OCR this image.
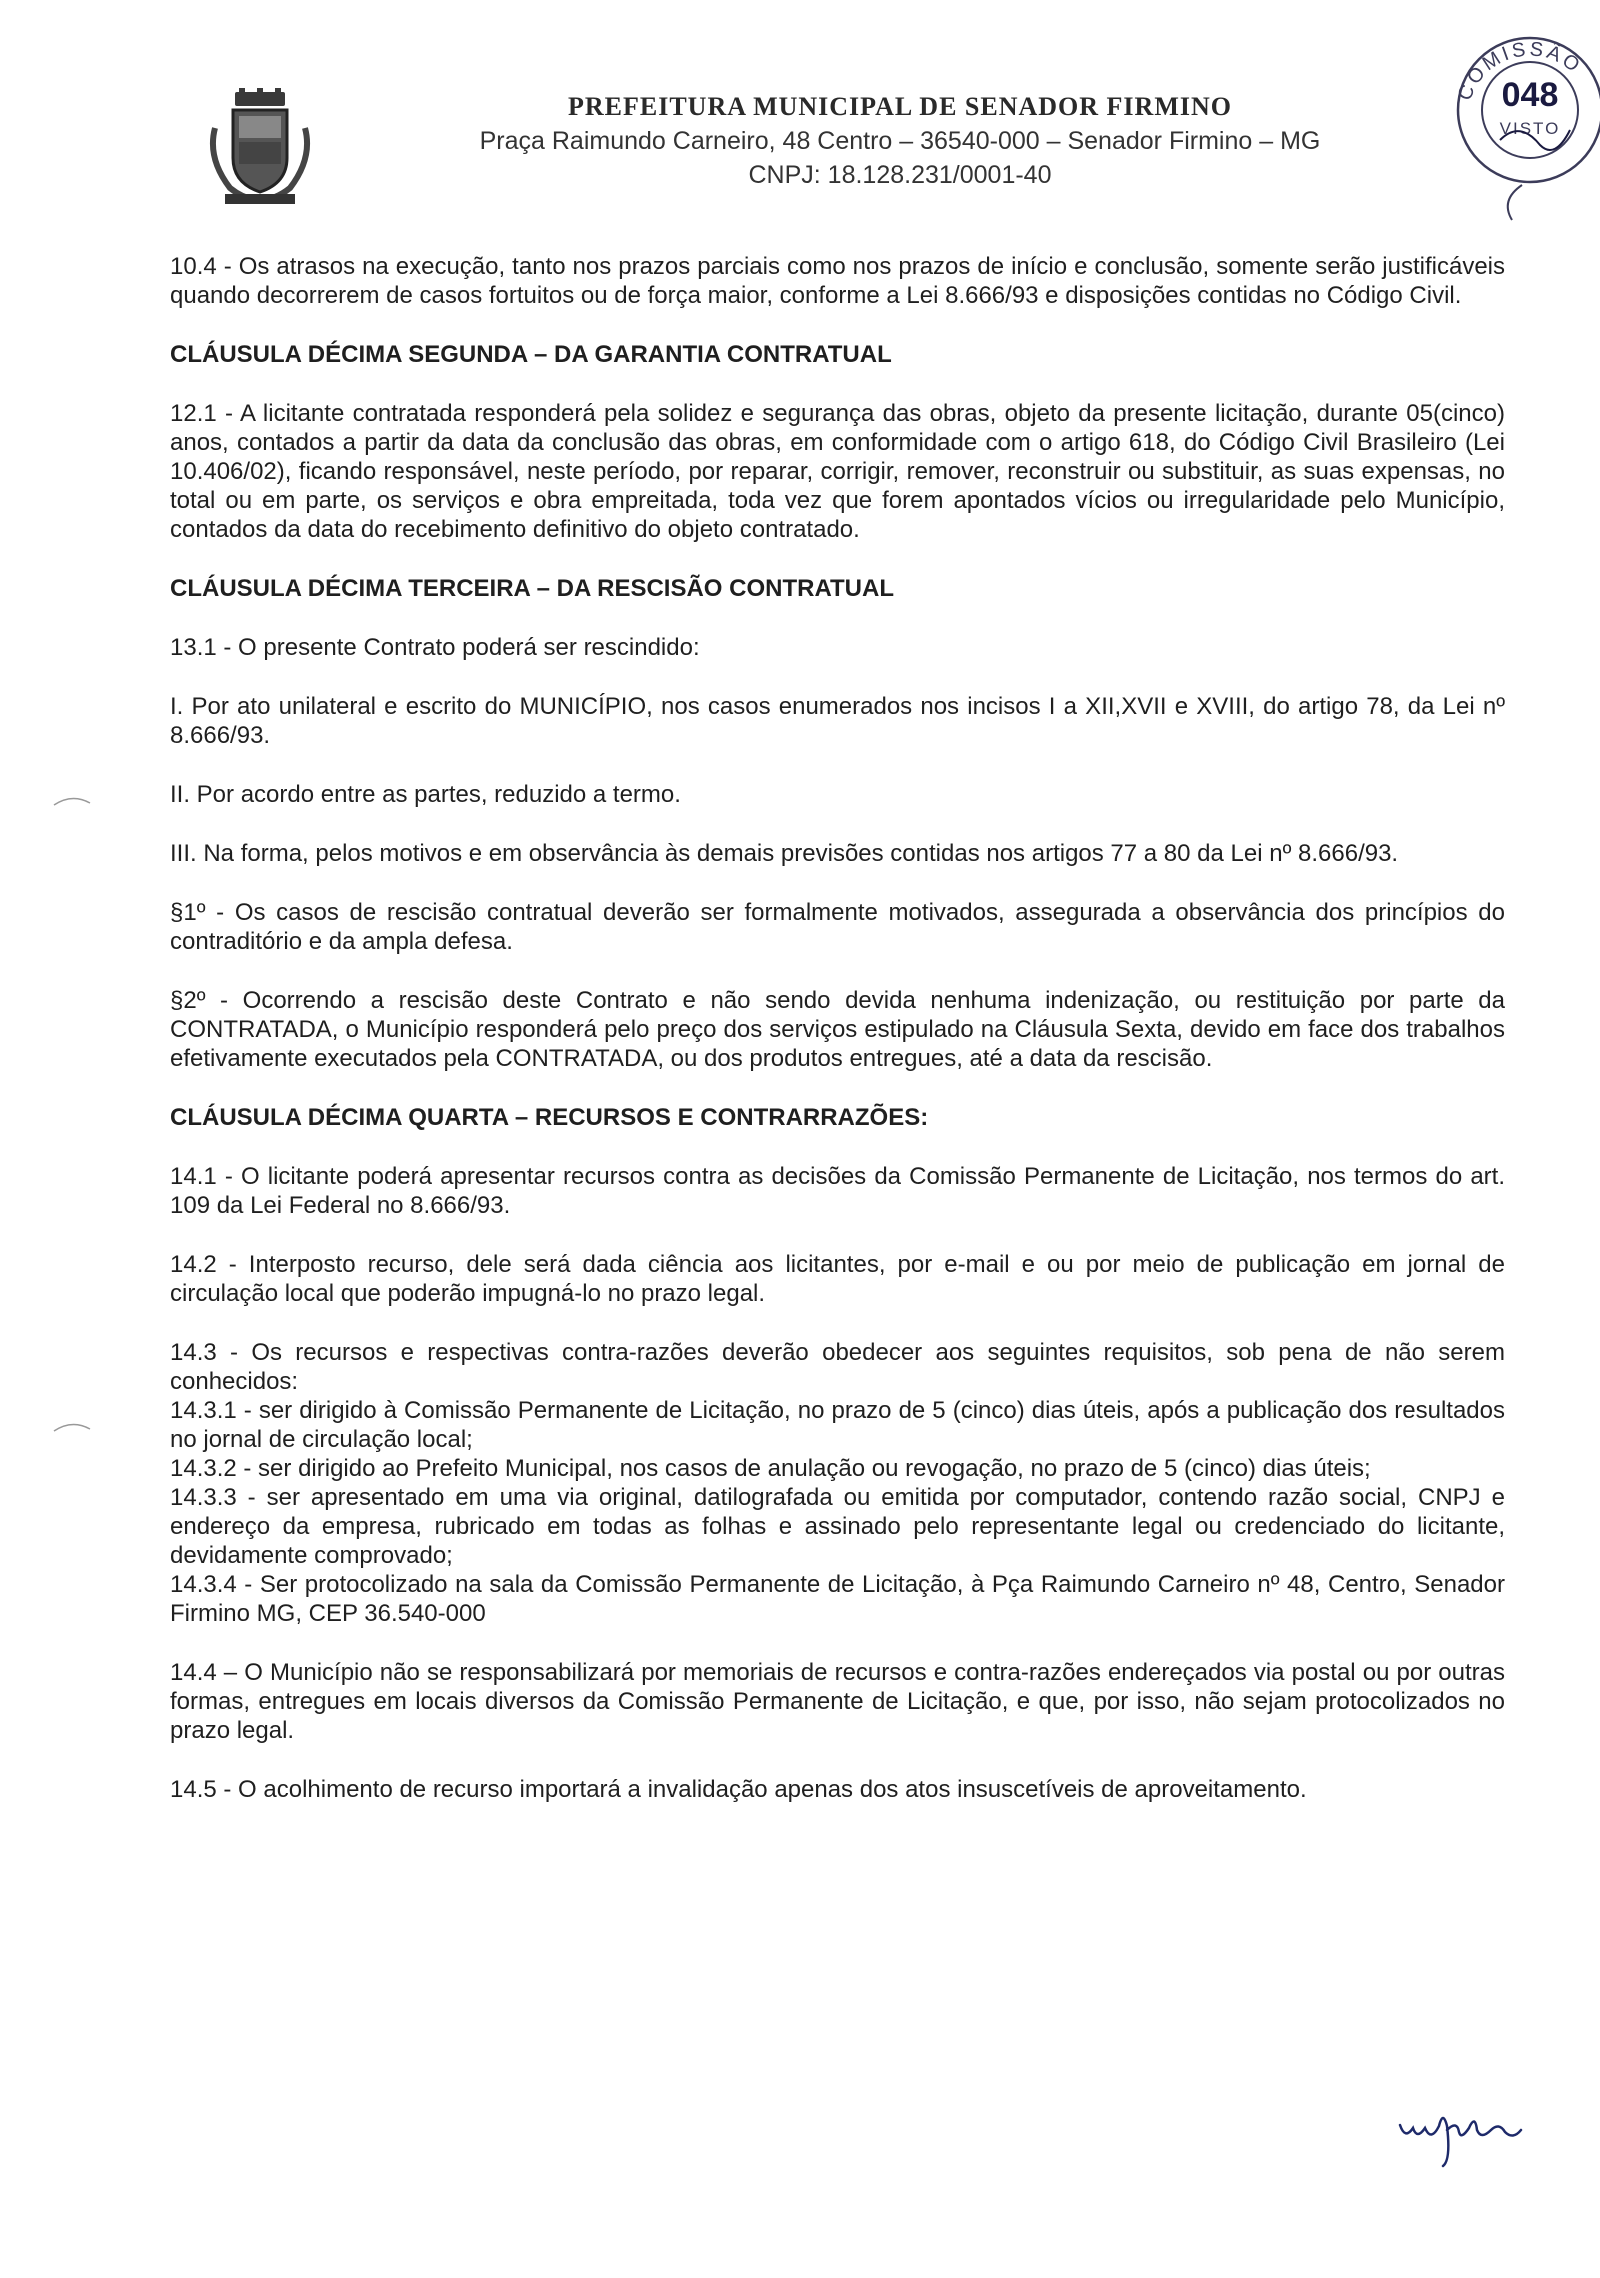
PREFEITURA MUNICIPAL DE SENADOR FIRMINO
Praça Raimundo Carneiro, 48 Centro – 36540-000 – Senador Firmino – MG
CNPJ: 18.128.231/0001-40
COMISSÃO
048
VISTO

10.4 - Os atrasos na execução, tanto nos prazos parciais como nos prazos de início e conclusão, somente serão justificáveis quando decorrerem de casos fortuitos ou de força maior, conforme a Lei 8.666/93 e disposições contidas no Código Civil.

CLÁUSULA DÉCIMA SEGUNDA – DA GARANTIA CONTRATUAL

12.1 - A licitante contratada responderá pela solidez e segurança das obras, objeto da presente licitação, durante 05(cinco) anos, contados a partir da data da conclusão das obras, em conformidade com o artigo 618, do Código Civil Brasileiro (Lei 10.406/02), ficando responsável, neste período, por reparar, corrigir, remover, reconstruir ou substituir, as suas expensas, no total ou em parte, os serviços e obra empreitada, toda vez que forem apontados vícios ou irregularidade pelo Município, contados da data do recebimento definitivo do objeto contratado.

CLÁUSULA DÉCIMA TERCEIRA – DA RESCISÃO CONTRATUAL

13.1 - O presente Contrato poderá ser rescindido:

I. Por ato unilateral e escrito do MUNICÍPIO, nos casos enumerados nos incisos I a XII,XVII e XVIII, do artigo 78, da Lei nº 8.666/93.

II. Por acordo entre as partes, reduzido a termo.

III. Na forma, pelos motivos e em observância às demais previsões contidas nos artigos 77 a 80 da Lei nº 8.666/93.

§1º - Os casos de rescisão contratual deverão ser formalmente motivados, assegurada a observância dos princípios do contraditório e da ampla defesa.

§2º - Ocorrendo a rescisão deste Contrato e não sendo devida nenhuma indenização, ou restituição por parte da CONTRATADA, o Município responderá pelo preço dos serviços estipulado na Cláusula Sexta, devido em face dos trabalhos efetivamente executados pela CONTRATADA, ou dos produtos entregues, até a data da rescisão.

CLÁUSULA DÉCIMA QUARTA – RECURSOS E CONTRARRAZÕES:

14.1 - O licitante poderá apresentar recursos contra as decisões da Comissão Permanente de Licitação, nos termos do art. 109 da Lei Federal no 8.666/93.

14.2 - Interposto recurso, dele será dada ciência aos licitantes, por e-mail e ou por meio de publicação em jornal de circulação local que poderão impugná-lo no prazo legal.

14.3 - Os recursos e respectivas contra-razões deverão obedecer aos seguintes requisitos, sob pena de não serem conhecidos:

14.3.1 - ser dirigido à Comissão Permanente de Licitação, no prazo de 5 (cinco) dias úteis, após a publicação dos resultados no jornal de circulação local;

14.3.2 - ser dirigido ao Prefeito Municipal, nos casos de anulação ou revogação, no prazo de 5 (cinco) dias úteis;

14.3.3 - ser apresentado em uma via original, datilografada ou emitida por computador, contendo razão social, CNPJ e endereço da empresa, rubricado em todas as folhas e assinado pelo representante legal ou credenciado do licitante, devidamente comprovado;

14.3.4 - Ser protocolizado na sala da Comissão Permanente de Licitação, à Pça Raimundo Carneiro nº 48, Centro, Senador Firmino MG, CEP 36.540-000

14.4 – O Município não se responsabilizará por memoriais de recursos e contra-razões endereçados via postal ou por outras formas, entregues em locais diversos da Comissão Permanente de Licitação, e que, por isso, não sejam protocolizados no prazo legal.

14.5 - O acolhimento de recurso importará a invalidação apenas dos atos insuscetíveis de aproveitamento.
